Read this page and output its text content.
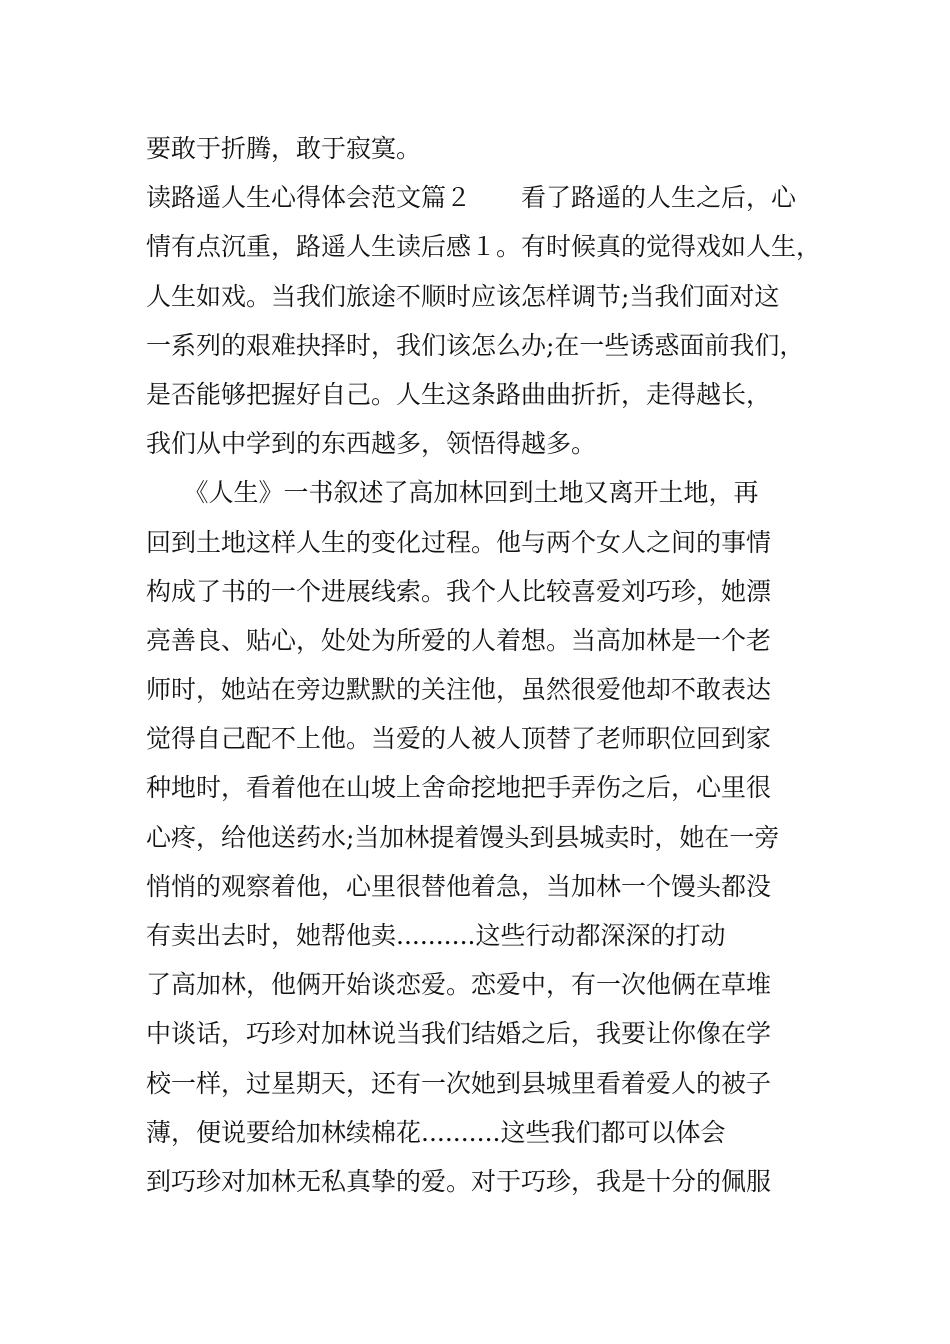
要敢于折腾，敢于寂寞。
读路遥人生心得体会范文篇２　　看了路遥的人生之后，心
情有点沉重，路遥人生读后感１。有时候真的觉得戏如人生，
人生如戏。当我们旅途不顺时应该怎样调节;当我们面对这
一系列的艰难抉择时，我们该怎么办;在一些诱惑面前我们，
是否能够把握好自己。人生这条路曲曲折折，走得越长，
我们从中学到的东西越多，领悟得越多。
　　《人生》一书叙述了高加林回到土地又离开土地，再
回到土地这样人生的变化过程。他与两个女人之间的事情
构成了书的一个进展线索。我个人比较喜爱刘巧珍，她漂
亮善良、贴心，处处为所爱的人着想。当高加林是一个老
师时，她站在旁边默默的关注他，虽然很爱他却不敢表达
觉得自己配不上他。当爱的人被人顶替了老师职位回到家
种地时，看着他在山坡上舍命挖地把手弄伤之后，心里很
心疼，给他送药水;当加林提着馒头到县城卖时，她在一旁
悄悄的观察着他，心里很替他着急，当加林一个馒头都没
有卖出去时，她帮他卖..........这些行动都深深的打动
了高加林，他俩开始谈恋爱。恋爱中，有一次他俩在草堆
中谈话，巧珍对加林说当我们结婚之后，我要让你像在学
校一样，过星期天，还有一次她到县城里看着爱人的被子
薄，便说要给加林续棉花..........这些我们都可以体会
到巧珍对加林无私真挚的爱。对于巧珍，我是十分的佩服
